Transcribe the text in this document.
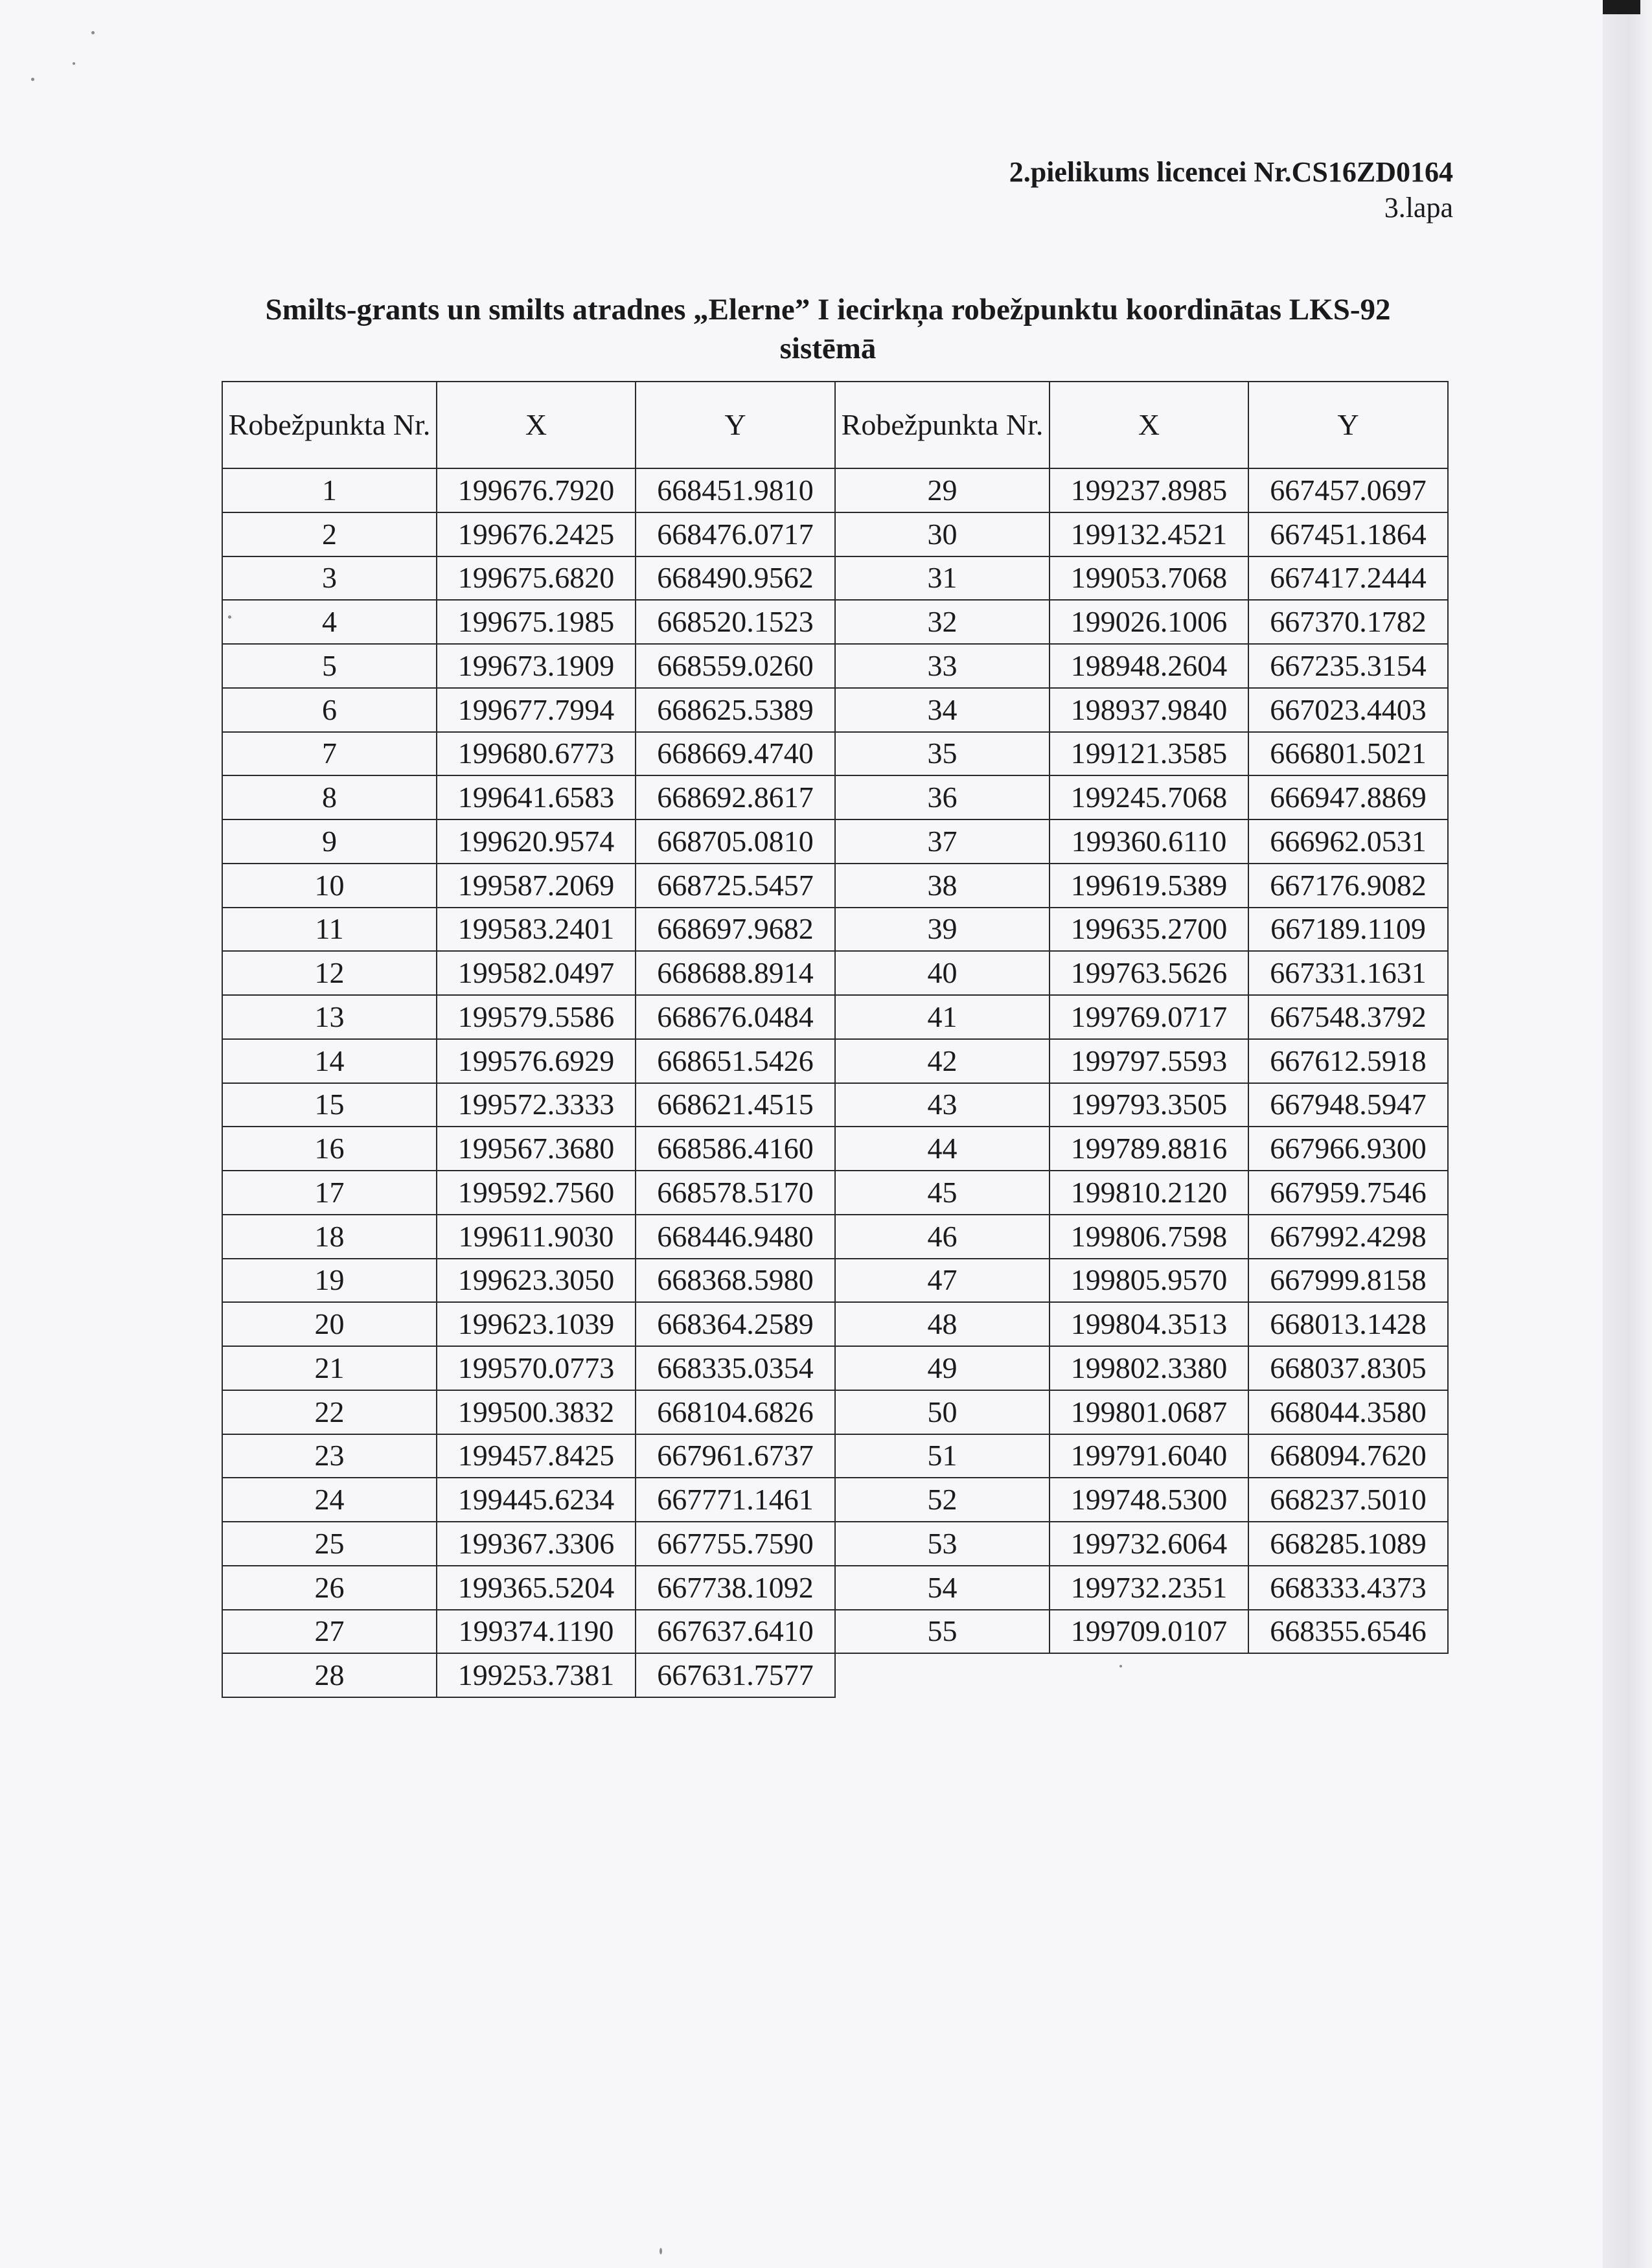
2.pielikums licencei Nr.CS16ZD0164
3.lapa
Smilts-grants un smilts atradnes „Elerne” I iecirkņa robežpunktu koordinātas LKS-92 sistēmā
Robežpunkta Nr.	X	Y	Robežpunkta Nr.	X	Y
1	199676.7920	668451.9810	29	199237.8985	667457.0697
2	199676.2425	668476.0717	30	199132.4521	667451.1864
3	199675.6820	668490.9562	31	199053.7068	667417.2444
4	199675.1985	668520.1523	32	199026.1006	667370.1782
5	199673.1909	668559.0260	33	198948.2604	667235.3154
6	199677.7994	668625.5389	34	198937.9840	667023.4403
7	199680.6773	668669.4740	35	199121.3585	666801.5021
8	199641.6583	668692.8617	36	199245.7068	666947.8869
9	199620.9574	668705.0810	37	199360.6110	666962.0531
10	199587.2069	668725.5457	38	199619.5389	667176.9082
11	199583.2401	668697.9682	39	199635.2700	667189.1109
12	199582.0497	668688.8914	40	199763.5626	667331.1631
13	199579.5586	668676.0484	41	199769.0717	667548.3792
14	199576.6929	668651.5426	42	199797.5593	667612.5918
15	199572.3333	668621.4515	43	199793.3505	667948.5947
16	199567.3680	668586.4160	44	199789.8816	667966.9300
17	199592.7560	668578.5170	45	199810.2120	667959.7546
18	199611.9030	668446.9480	46	199806.7598	667992.4298
19	199623.3050	668368.5980	47	199805.9570	667999.8158
20	199623.1039	668364.2589	48	199804.3513	668013.1428
21	199570.0773	668335.0354	49	199802.3380	668037.8305
22	199500.3832	668104.6826	50	199801.0687	668044.3580
23	199457.8425	667961.6737	51	199791.6040	668094.7620
24	199445.6234	667771.1461	52	199748.5300	668237.5010
25	199367.3306	667755.7590	53	199732.6064	668285.1089
26	199365.5204	667738.1092	54	199732.2351	668333.4373
27	199374.1190	667637.6410	55	199709.0107	668355.6546
28	199253.7381	667631.7577			
